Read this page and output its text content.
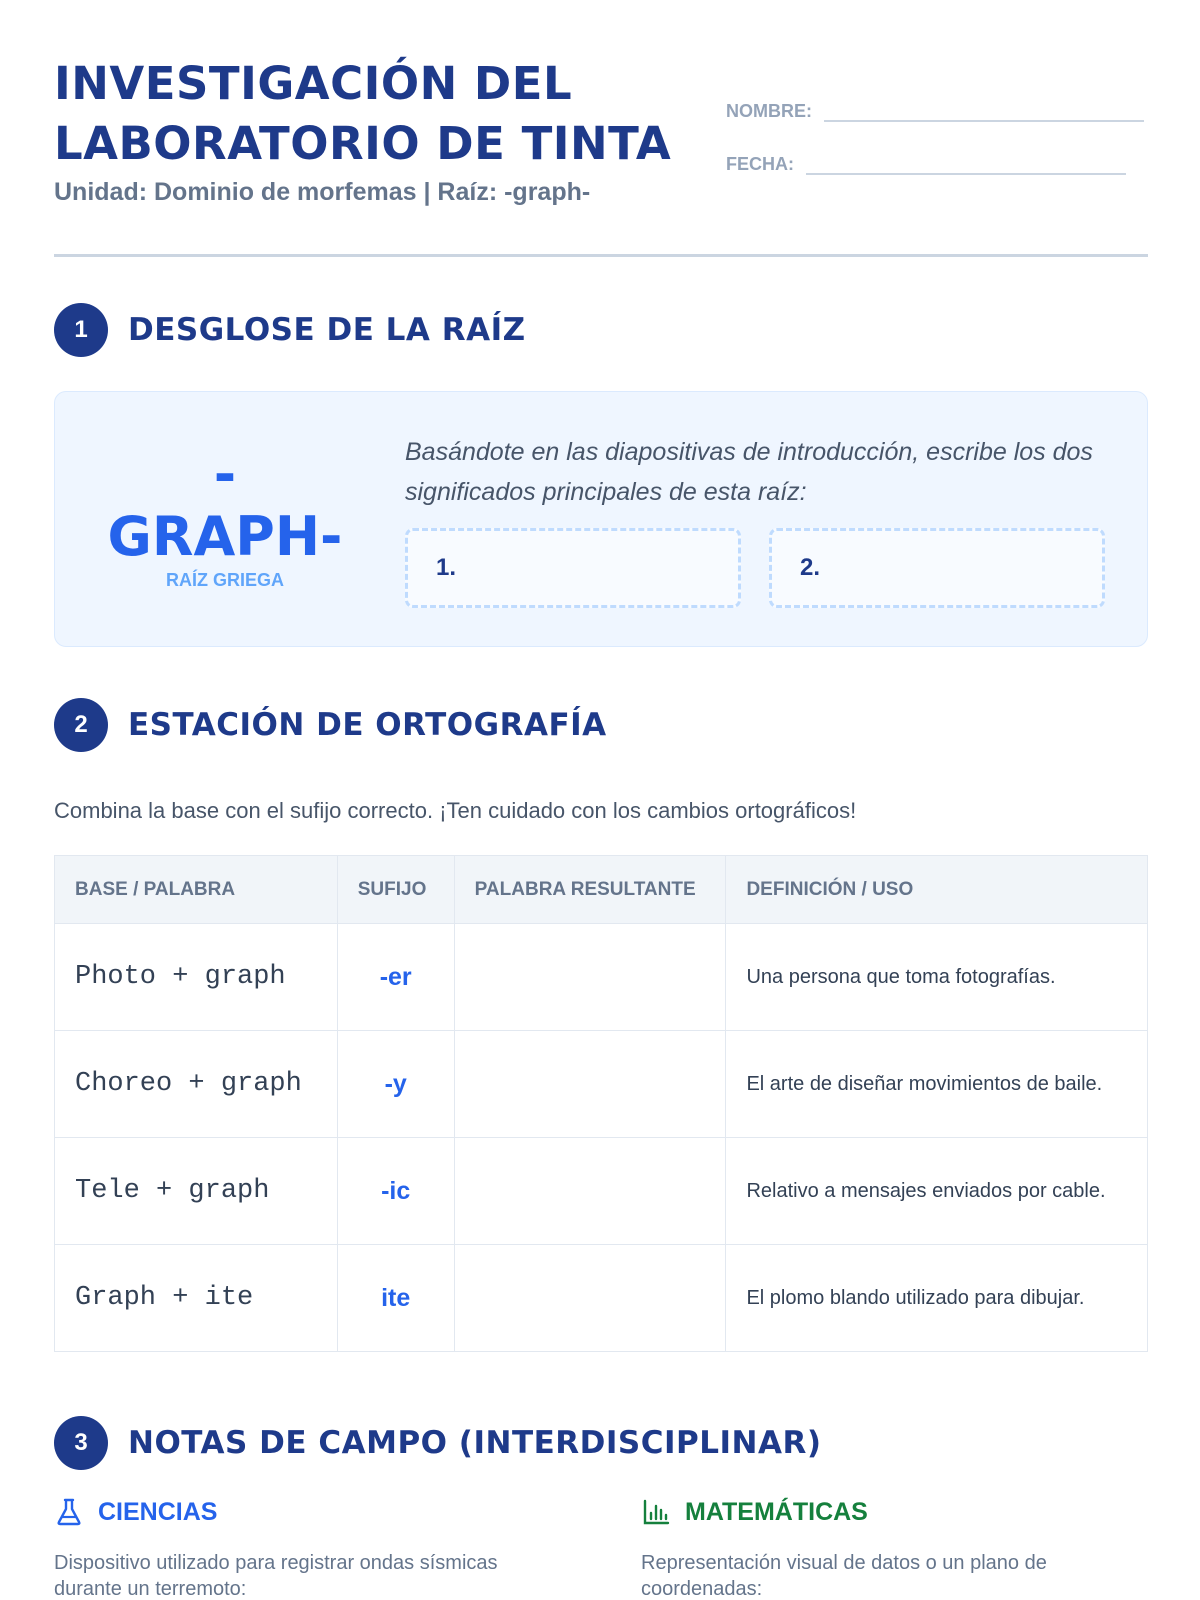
INVESTIGACIÓN DEL
LABORATORIO DE TINTA
Unidad: Dominio de morfemas | Raíz: -graph-
NOMBRE:
FECHA:
1	DESGLOSE DE LA RAÍZ
-
GRAPH-
RAÍZ GRIEGA
Basándote en las diapositivas de introducción, escribe los dos significados principales de esta raíz:
1.	2.
2	ESTACIÓN DE ORTOGRAFÍA
Combina la base con el sufijo correcto. ¡Ten cuidado con los cambios ortográficos!
BASE / PALABRA	SUFIJO	PALABRA RESULTANTE	DEFINICIÓN / USO
Photo + graph	-er		Una persona que toma fotografías.
Choreo + graph	-y		El arte de diseñar movimientos de baile.
Tele + graph	-ic		Relativo a mensajes enviados por cable.
Graph + ite	ite		El plomo blando utilizado para dibujar.
3	NOTAS DE CAMPO (INTERDISCIPLINAR)
CIENCIAS
Dispositivo utilizado para registrar ondas sísmicas durante un terremoto:
MATEMÁTICAS
Representación visual de datos o un plano de coordenadas:
